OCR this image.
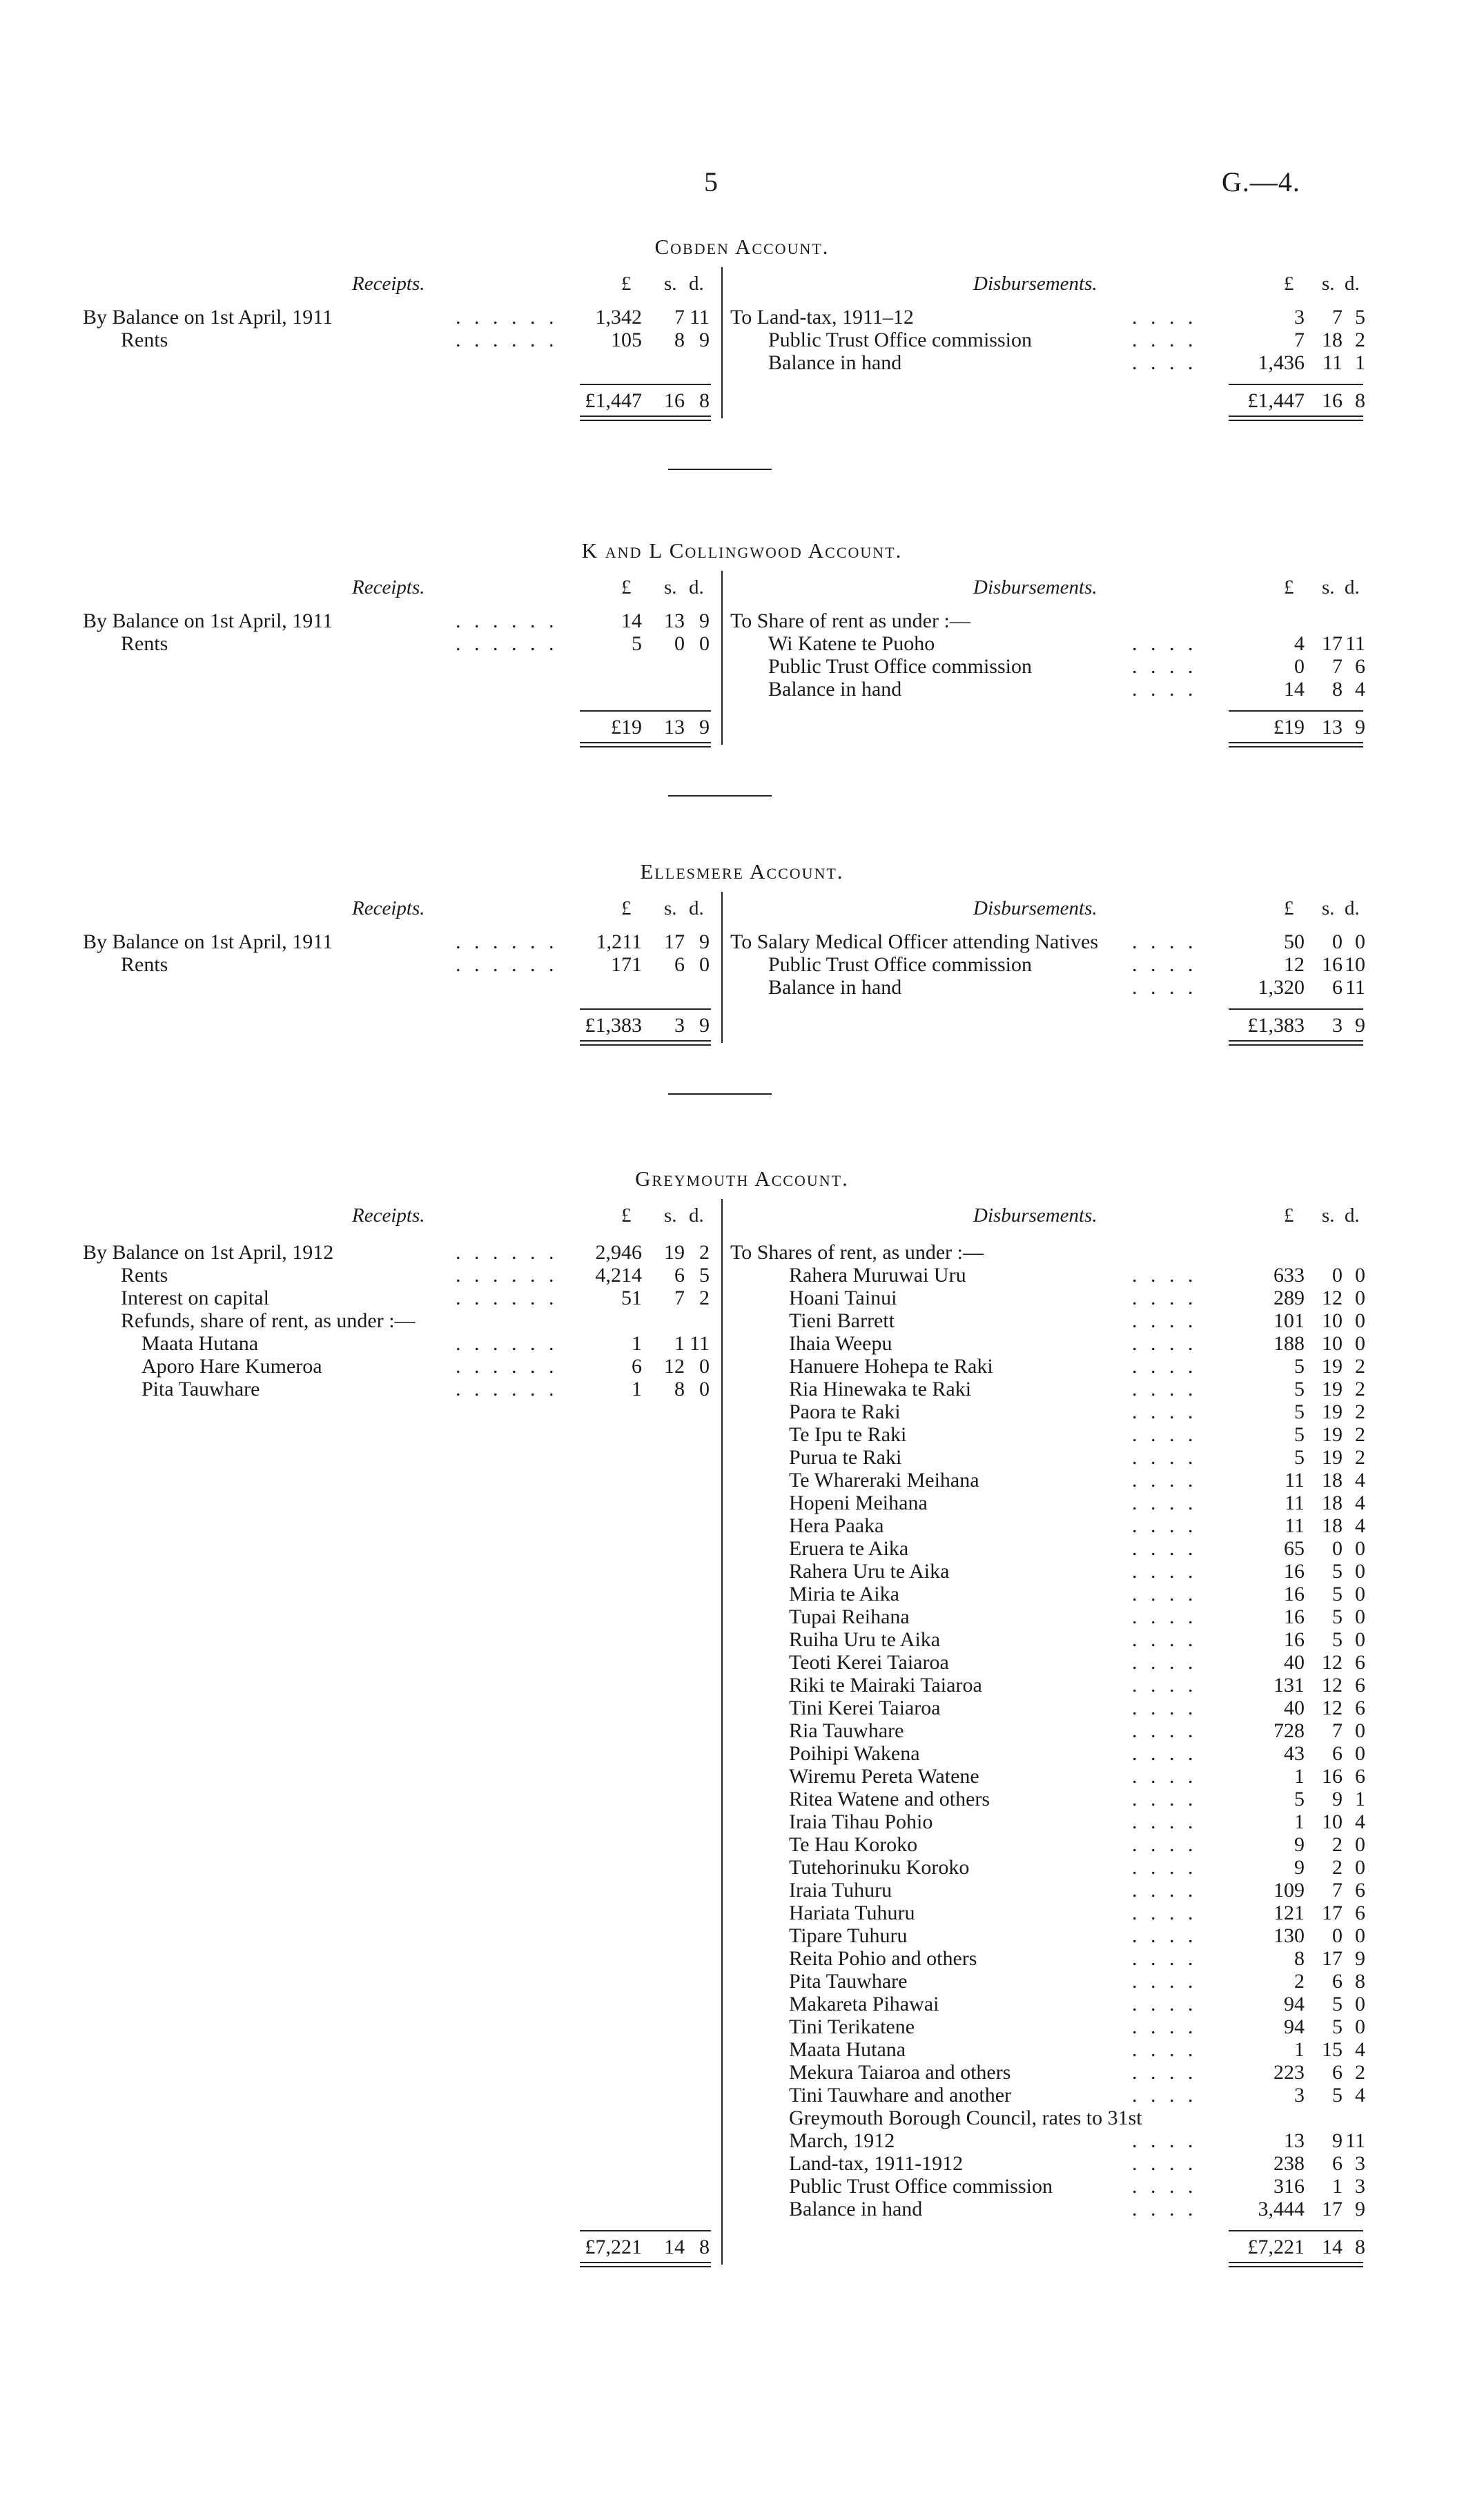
5	G.—4.
Cobden Account.
Receipts.	Disbursements.
£ s. d.	£ s. d.
By Balance on 1st April, 1911	. . . . . .	1,342	7 11
Rents	. . . . . .	105	8 9
To Land-tax, 1911–12	. . . .	3	7 5
Public Trust Office commission	. . . .	7 18 2
Balance in hand	. . . .	1,436 11 1
£1,447	16 8	£1,447 16 8
K and L Collingwood Account.
Receipts.	Disbursements.
£ s. d.	£ s. d.
By Balance on 1st April, 1911	. . . . . .	14	13 9
Rents	. . . . . .	5	0 0
To Share of rent as under :—
Wi Katene te Puoho	. . . .	4 17 11
Public Trust Office commission	. . . .	0	7 6
Balance in hand	. . . .	14	8 4
£19	13 9	£19 13 9
Ellesmere Account.
Receipts.	Disbursements.
£ s. d.	£ s. d.
By Balance on 1st April, 1911	. . . . . .	1,211	17 9
Rents	. . . . . .	171	6 0
To Salary Medical Officer attending Natives . . . .	50	0 0
Public Trust Office commission	. . . .	12 16 10
Balance in hand	. . . .	1,320	6 11
£1,383	3 9	£1,383	3 9
Greymouth Account.
Receipts.	Disbursements.
£ s. d.	£ s. d.
By Balance on 1st April, 1912	. . . . . .	2,946	19 2
Rents	. . . . . .	4,214	6 5
Interest on capital	. . . . . .	51	7 2
Refunds, share of rent, as under :—
Maata Hutana	. . . . . .	1	1 11
Aporo Hare Kumeroa	. . . . . .	6	12 0
Pita Tauwhare	. . . . . .	1	8 0
To Shares of rent, as under :—
Rahera Muruwai Uru	. . . .	633	0 0
Hoani Tainui	. . . .	289 12 0
Tieni Barrett	. . . .	101 10 0
Ihaia Weepu	. . . .	188 10 0
Hanuere Hohepa te Raki	. . . .	5 19 2
Ria Hinewaka te Raki	. . . .	5 19 2
Paora te Raki	. . . .	5 19 2
Te Ipu te Raki	. . . .	5 19 2
Purua te Raki	. . . .	5 19 2
Te Whareraki Meihana	. . . .	11 18 4
Hopeni Meihana	. . . .	11 18 4
Hera Paaka	. . . .	11 18 4
Eruera te Aika	. . . .	65	0 0
Rahera Uru te Aika	. . . .	16	5 0
Miria te Aika	. . . .	16	5 0
Tupai Reihana	. . . .	16	5 0
Ruiha Uru te Aika	. . . .	16	5 0
Teoti Kerei Taiaroa	. . . .	40 12 6
Riki te Mairaki Taiaroa	. . . .	131 12 6
Tini Kerei Taiaroa	. . . .	40 12 6
Ria Tauwhare	. . . .	728	7 0
Poihipi Wakena	. . . .	43	6 0
Wiremu Pereta Watene	. . . .	1 16 6
Ritea Watene and others	. . . .	5	9 1
Iraia Tihau Pohio	. . . .	1 10 4
Te Hau Koroko	. . . .	9	2 0
Tutehorinuku Koroko	. . . .	9	2 0
Iraia Tuhuru	. . . .	109	7 6
Hariata Tuhuru	. . . .	121 17 6
Tipare Tuhuru	. . . .	130	0 0
Reita Pohio and others	. . . .	8 17 9
Pita Tauwhare	. . . .	2	6 8
Makareta Pihawai	. . . .	94	5 0
Tini Terikatene	. . . .	94	5 0
Maata Hutana	. . . .	1 15 4
Mekura Taiaroa and others	. . . .	223	6 2
Tini Tauwhare and another	. . . .	3	5 4
Greymouth Borough Council, rates to 31st
March, 1912	. . . .	13	9 11
Land-tax, 1911-1912	. . . .	238	6 3
Public Trust Office commission	. . . .	316	1 3
Balance in hand	. . . .	3,444 17 9
£7,221	14 8	£7,221 14 8
